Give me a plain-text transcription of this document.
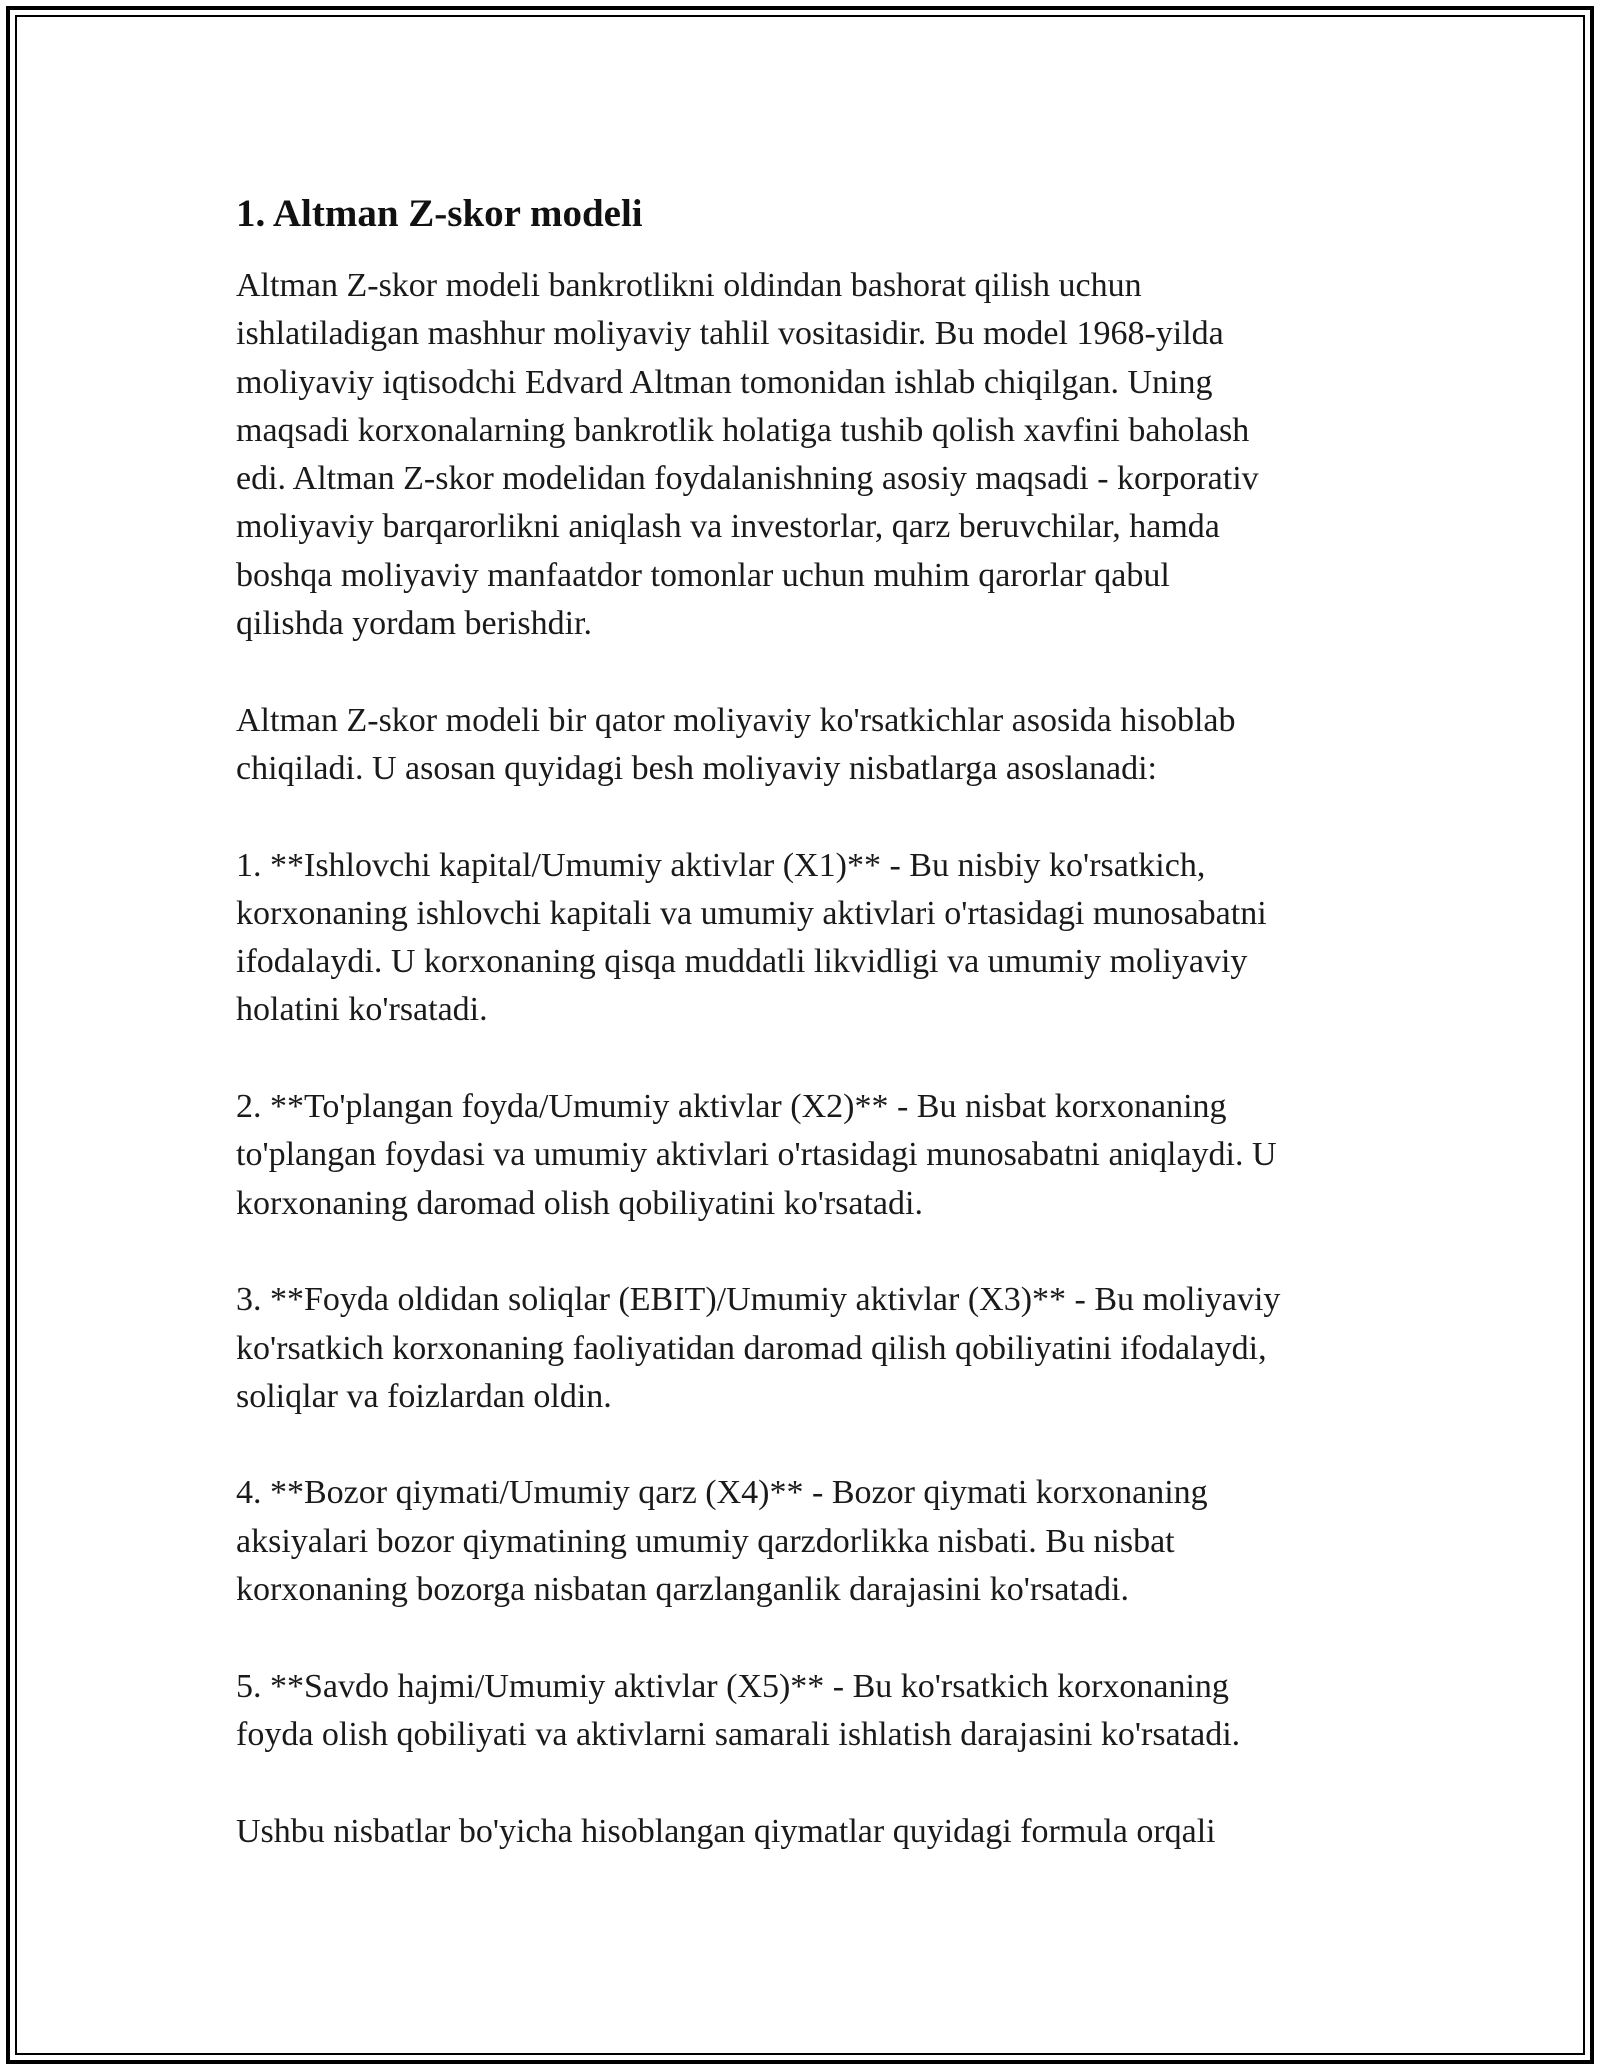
1. Altman Z-skor modeli

Altman Z-skor modeli bankrotlikni oldindan bashorat qilish uchun
ishlatiladigan mashhur moliyaviy tahlil vositasidir. Bu model 1968-yilda
moliyaviy iqtisodchi Edvard Altman tomonidan ishlab chiqilgan. Uning
maqsadi korxonalarning bankrotlik holatiga tushib qolish xavfini baholash
edi. Altman Z-skor modelidan foydalanishning asosiy maqsadi - korporativ
moliyaviy barqarorlikni aniqlash va investorlar, qarz beruvchilar, hamda
boshqa moliyaviy manfaatdor tomonlar uchun muhim qarorlar qabul
qilishda yordam berishdir.

Altman Z-skor modeli bir qator moliyaviy ko'rsatkichlar asosida hisoblab
chiqiladi. U asosan quyidagi besh moliyaviy nisbatlarga asoslanadi:

1. **Ishlovchi kapital/Umumiy aktivlar (X1)** - Bu nisbiy ko'rsatkich,
korxonaning ishlovchi kapitali va umumiy aktivlari o'rtasidagi munosabatni
ifodalaydi. U korxonaning qisqa muddatli likvidligi va umumiy moliyaviy
holatini ko'rsatadi.

2. **To'plangan foyda/Umumiy aktivlar (X2)** - Bu nisbat korxonaning
to'plangan foydasi va umumiy aktivlari o'rtasidagi munosabatni aniqlaydi. U
korxonaning daromad olish qobiliyatini ko'rsatadi.

3. **Foyda oldidan soliqlar (EBIT)/Umumiy aktivlar (X3)** - Bu moliyaviy
ko'rsatkich korxonaning faoliyatidan daromad qilish qobiliyatini ifodalaydi,
soliqlar va foizlardan oldin.

4. **Bozor qiymati/Umumiy qarz (X4)** - Bozor qiymati korxonaning
aksiyalari bozor qiymatining umumiy qarzdorlikka nisbati. Bu nisbat
korxonaning bozorga nisbatan qarzlanganlik darajasini ko'rsatadi.

5. **Savdo hajmi/Umumiy aktivlar (X5)** - Bu ko'rsatkich korxonaning
foyda olish qobiliyati va aktivlarni samarali ishlatish darajasini ko'rsatadi.

Ushbu nisbatlar bo'yicha hisoblangan qiymatlar quyidagi formula orqali
